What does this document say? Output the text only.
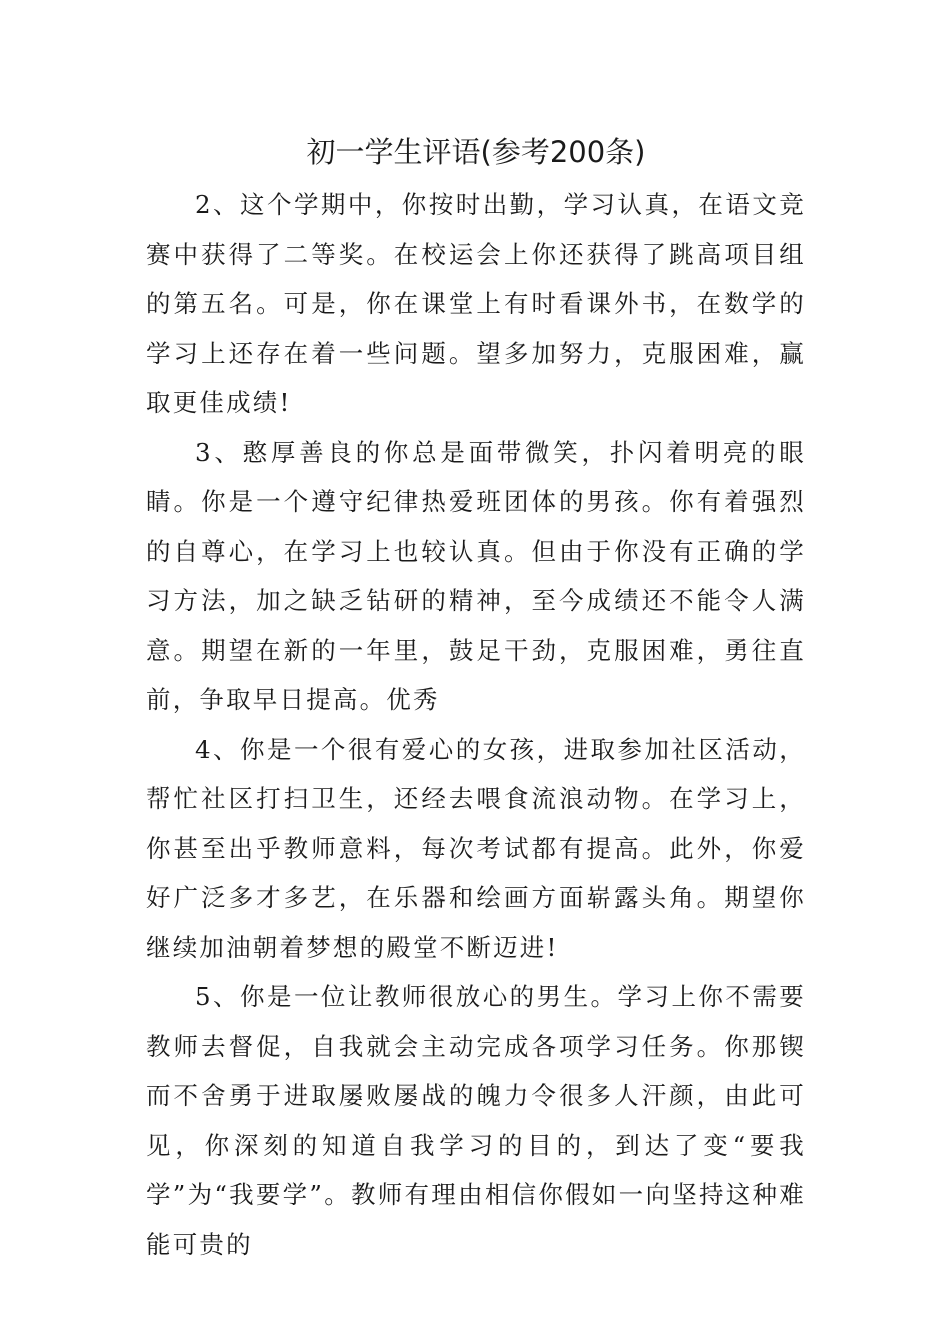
初一学生评语(参考200条)

2、这个学期中，你按时出勤，学习认真，在语文竞赛中获得了二等奖。在校运会上你还获得了跳高项目组的第五名。可是，你在课堂上有时看课外书，在数学的学习上还存在着一些问题。望多加努力，克服困难，赢取更佳成绩!

3、憨厚善良的你总是面带微笑，扑闪着明亮的眼睛。你是一个遵守纪律热爱班团体的男孩。你有着强烈的自尊心，在学习上也较认真。但由于你没有正确的学习方法，加之缺乏钻研的精神，至今成绩还不能令人满意。期望在新的一年里，鼓足干劲，克服困难，勇往直前，争取早日提高。优秀

4、你是一个很有爱心的女孩，进取参加社区活动，帮忙社区打扫卫生，还经去喂食流浪动物。在学习上，你甚至出乎教师意料，每次考试都有提高。此外，你爱好广泛多才多艺，在乐器和绘画方面崭露头角。期望你继续加油朝着梦想的殿堂不断迈进!

5、你是一位让教师很放心的男生。学习上你不需要教师去督促，自我就会主动完成各项学习任务。你那锲而不舍勇于进取屡败屡战的魄力令很多人汗颜，由此可见，你深刻的知道自我学习的目的，到达了变“要我学”为“我要学”。教师有理由相信你假如一向坚持这种难能可贵的
